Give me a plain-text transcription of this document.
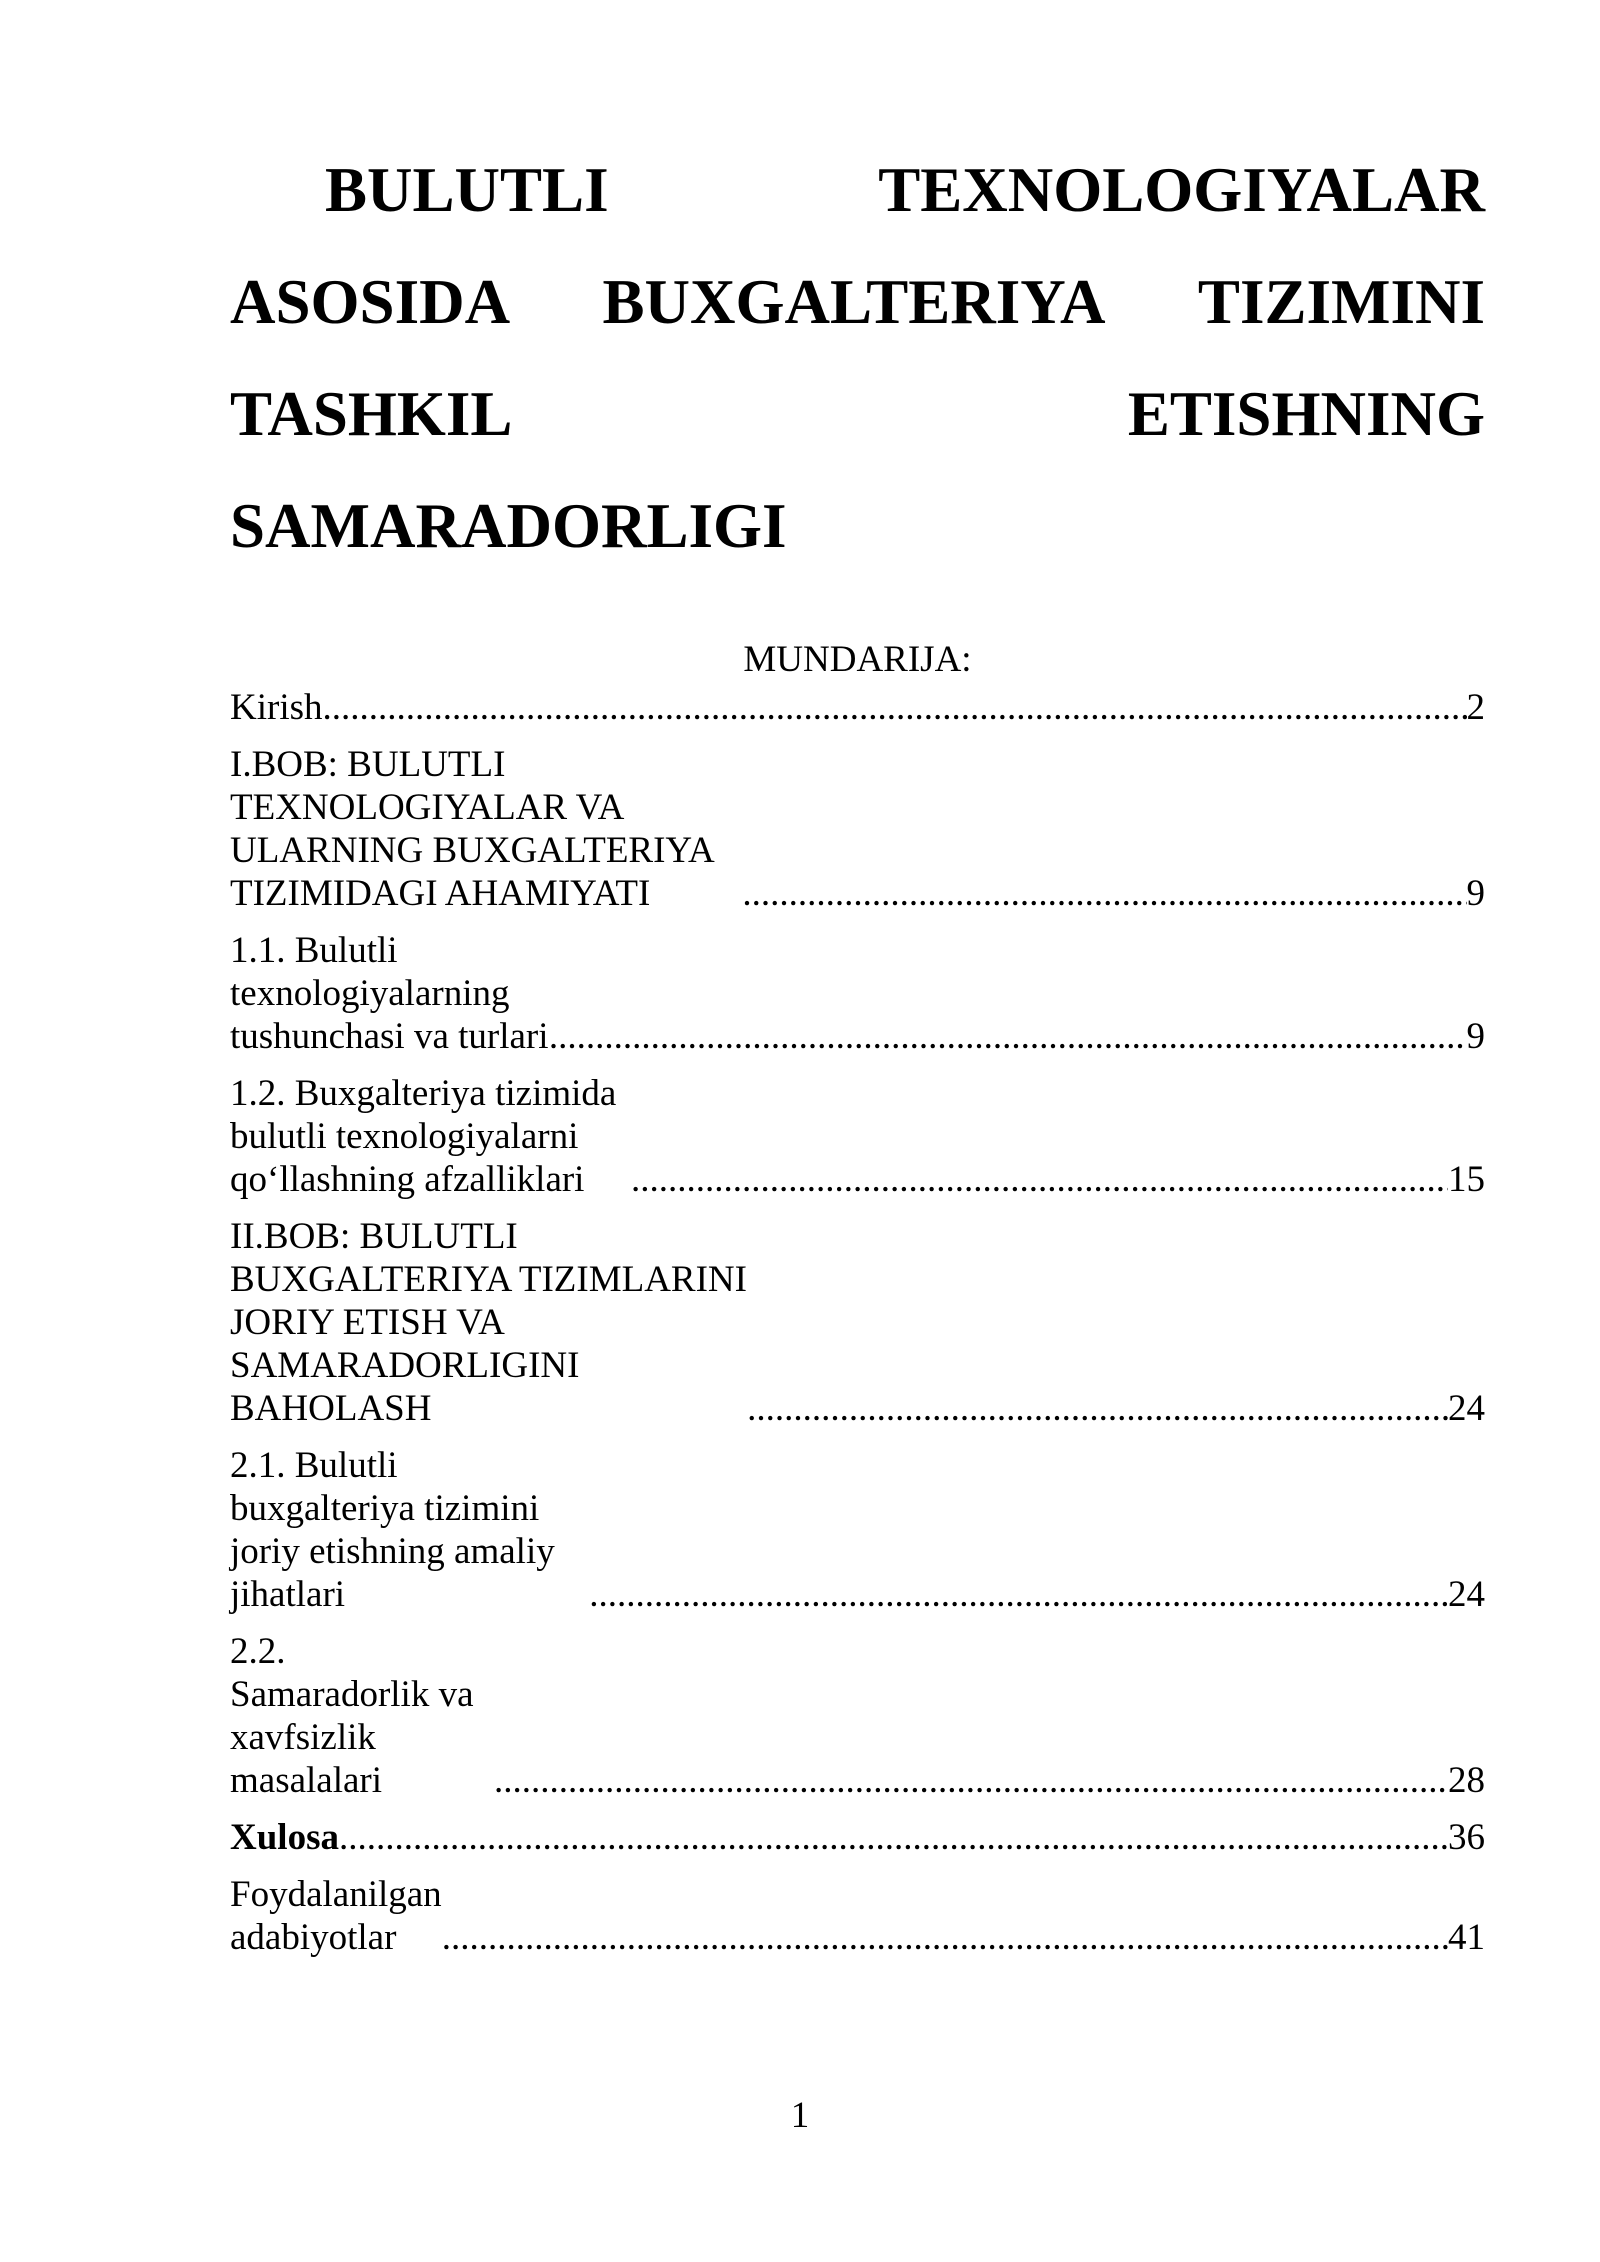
BULUTLI	TEXNOLOGIYALAR
ASOSIDA BUXGALTERIYA TIZIMINI
TASHKIL	ETISHNING
SAMARADORLIGI
MUNDARIJA:
Kirish .....	2
I.BOB: BULUTLI TEXNOLOGIYALAR VA ULARNING BUXGALTERIYA TIZIMIDAGI AHAMIYATI .....	9
1.1. Bulutli texnologiyalarning tushunchasi va turlari .....	9
1.2. Buxgalteriya tizimida bulutli texnologiyalarni qo‘llashning afzalliklari .....	15
II.BOB: BULUTLI BUXGALTERIYA TIZIMLARINI JORIY ETISH VA SAMARADORLIGINI BAHOLASH .....	24
2.1. Bulutli buxgalteriya tizimini joriy etishning amaliy jihatlari .....	24
2.2. Samaradorlik va xavfsizlik masalalari .....	28
Xulosa .....	36
Foydalanilgan adabiyotlar .....	41
1
